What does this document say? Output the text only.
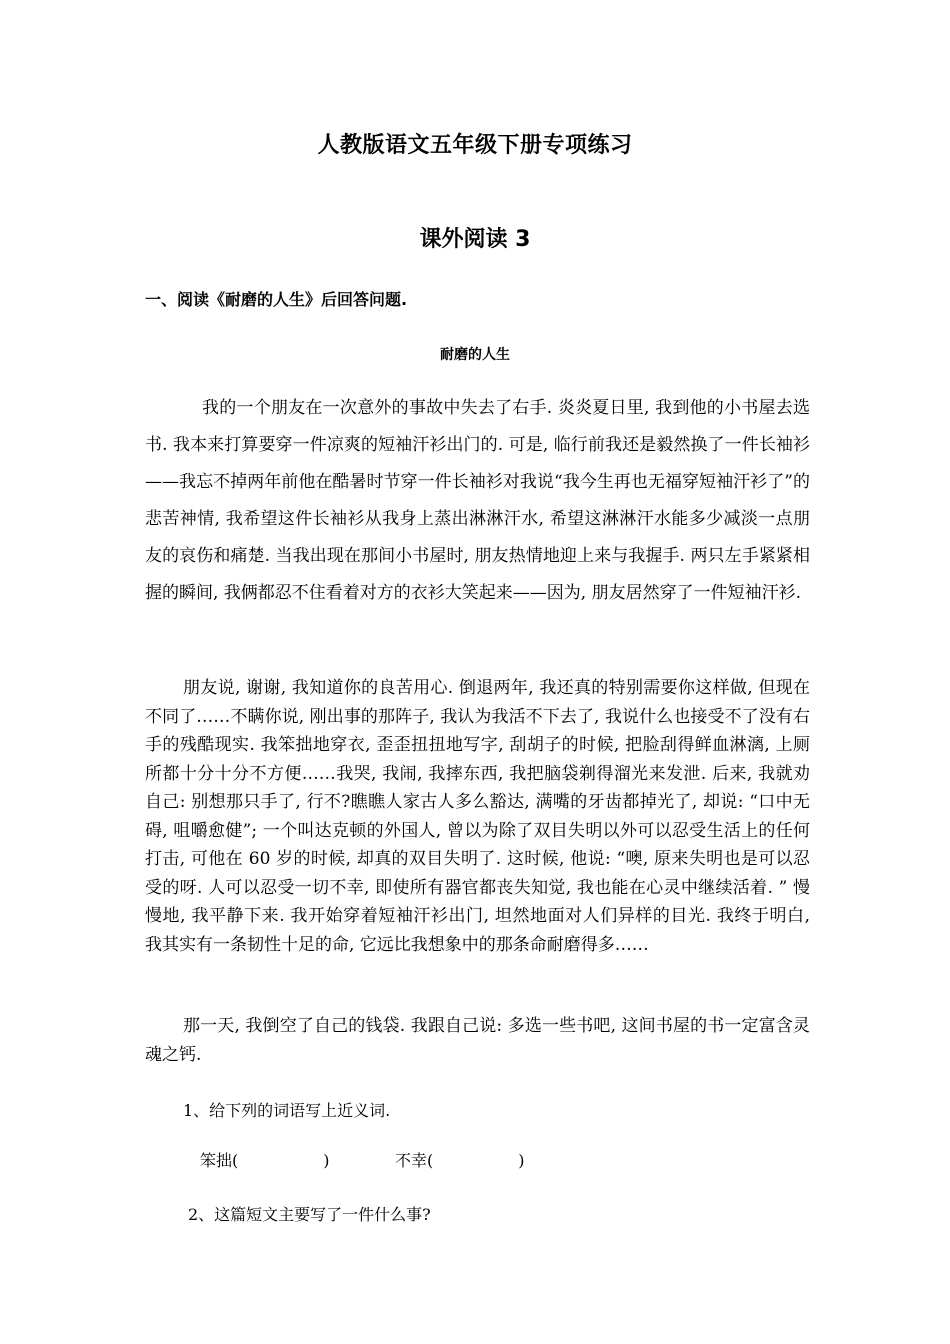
人教版语文五年级下册专项练习
课外阅读 3
一、阅读《耐磨的人生》后回答问题.
耐磨的人生

我的一个朋友在一次意外的事故中失去了右手. 炎炎夏日里, 我到他的小书屋去选书. 我本来打算要穿一件凉爽的短袖汗衫出门的. 可是, 临行前我还是毅然换了一件长袖衫——我忘不掉两年前他在酷暑时节穿一件长袖衫对我说“我今生再也无福穿短袖汗衫了”的悲苦神情, 我希望这件长袖衫从我身上蒸出淋淋汗水, 希望这淋淋汗水能多少减淡一点朋友的哀伤和痛楚. 当我出现在那间小书屋时, 朋友热情地迎上来与我握手. 两只左手紧紧相握的瞬间, 我俩都忍不住看着对方的衣衫大笑起来——因为, 朋友居然穿了一件短袖汗衫.

朋友说, 谢谢, 我知道你的良苦用心. 倒退两年, 我还真的特别需要你这样做, 但现在不同了……不瞒你说, 刚出事的那阵子, 我认为我活不下去了, 我说什么也接受不了没有右手的残酷现实. 我笨拙地穿衣, 歪歪扭扭地写字, 刮胡子的时候, 把脸刮得鲜血淋漓, 上厕所都十分十分不方便……我哭, 我闹, 我摔东西, 我把脑袋剃得溜光来发泄. 后来, 我就劝自己: 别想那只手了, 行不?瞧瞧人家古人多么豁达, 满嘴的牙齿都掉光了, 却说: “口中无碍, 咀嚼愈健”; 一个叫达克顿的外国人, 曾以为除了双目失明以外可以忍受生活上的任何打击, 可他在 60 岁的时候, 却真的双目失明了. 这时候, 他说: “噢, 原来失明也是可以忍受的呀. 人可以忍受一切不幸, 即使所有器官都丧失知觉, 我也能在心灵中继续活着. ” 慢慢地, 我平静下来. 我开始穿着短袖汗衫出门, 坦然地面对人们异样的目光. 我终于明白, 我其实有一条韧性十足的命, 它远比我想象中的那条命耐磨得多……

那一天, 我倒空了自己的钱袋. 我跟自己说: 多选一些书吧, 这间书屋的书一定富含灵魂之钙.

1、给下列的词语写上近义词.

笨拙(	)	不幸(	)

2、这篇短文主要写了一件什么事?
